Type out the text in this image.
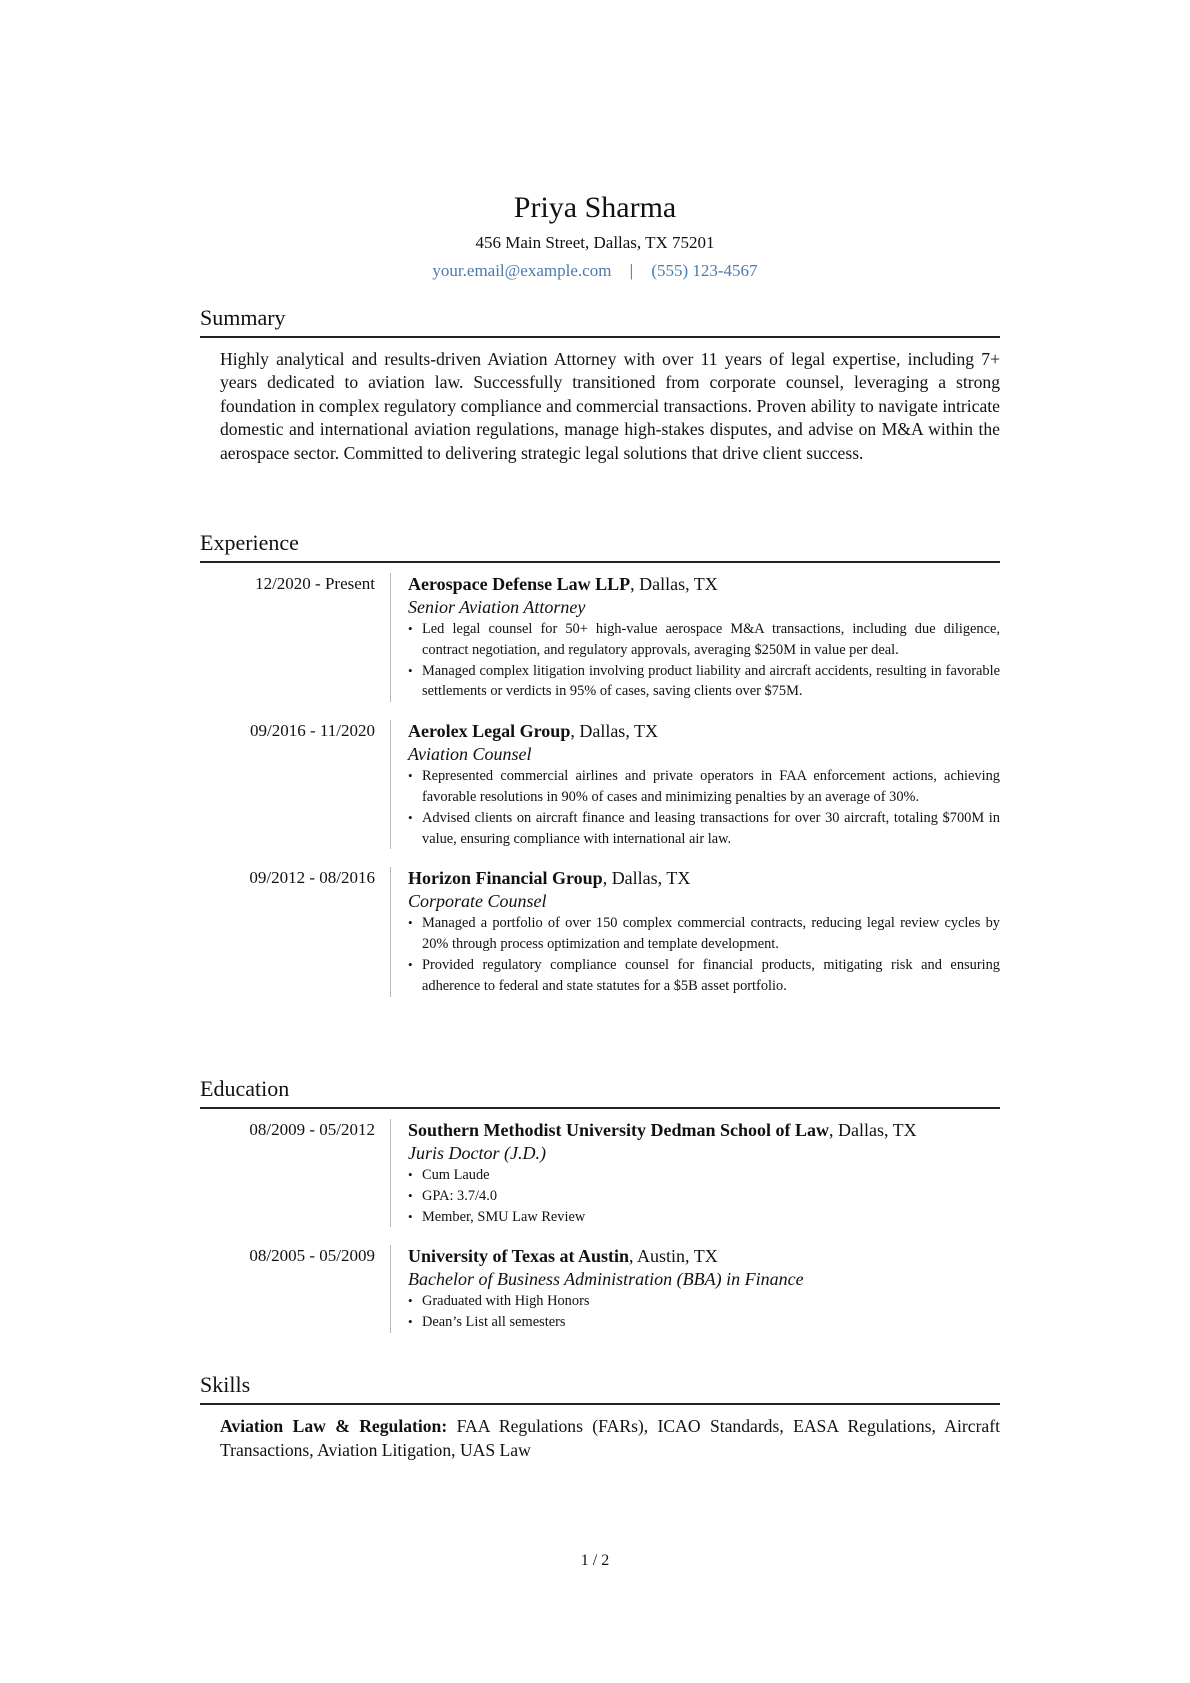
Priya Sharma
456 Main Street, Dallas, TX 75201
your.email@example.com | (555) 123-4567
Summary

Highly analytical and results-driven Aviation Attorney with over 11 years of legal expertise, including 7+ years dedicated to aviation law. Successfully transitioned from corporate counsel, leveraging a strong foundation in complex regulatory compliance and commercial transactions. Proven ability to navigate intricate domestic and international aviation regulations, manage high-stakes disputes, and advise on M&A within the aerospace sector. Committed to delivering strategic legal solutions that drive client success.

Experience
12/2020 - Present Aerospace Defense Law LLP, Dallas, TX
Senior Aviation Attorney
• Led legal counsel for 50+ high-value aerospace M&A transactions, including due diligence, contract negotiation, and regulatory approvals, averaging $250M in value per deal.
• Managed complex litigation involving product liability and aircraft accidents, resulting in favorable settlements or verdicts in 95% of cases, saving clients over $75M.
09/2016 - 11/2020 Aerolex Legal Group, Dallas, TX
Aviation Counsel
• Represented commercial airlines and private operators in FAA enforcement actions, achieving favorable resolutions in 90% of cases and minimizing penalties by an average of 30%.
• Advised clients on aircraft finance and leasing transactions for over 30 aircraft, totaling $700M in value, ensuring compliance with international air law.
09/2012 - 08/2016 Horizon Financial Group, Dallas, TX
Corporate Counsel
• Managed a portfolio of over 150 complex commercial contracts, reducing legal review cycles by 20% through process optimization and template development.
• Provided regulatory compliance counsel for financial products, mitigating risk and ensuring adherence to federal and state statutes for a $5B asset portfolio.
Education
08/2009 - 05/2012 Southern Methodist University Dedman School of Law, Dallas, TX
Juris Doctor (J.D.)
• Cum Laude
• GPA: 3.7/4.0
• Member, SMU Law Review
08/2005 - 05/2009 University of Texas at Austin, Austin, TX
Bachelor of Business Administration (BBA) in Finance
• Graduated with High Honors
• Dean’s List all semesters
Skills

Aviation Law & Regulation: FAA Regulations (FARs), ICAO Standards, EASA Regulations, Aircraft Transactions, Aviation Litigation, UAS Law

1 / 2
